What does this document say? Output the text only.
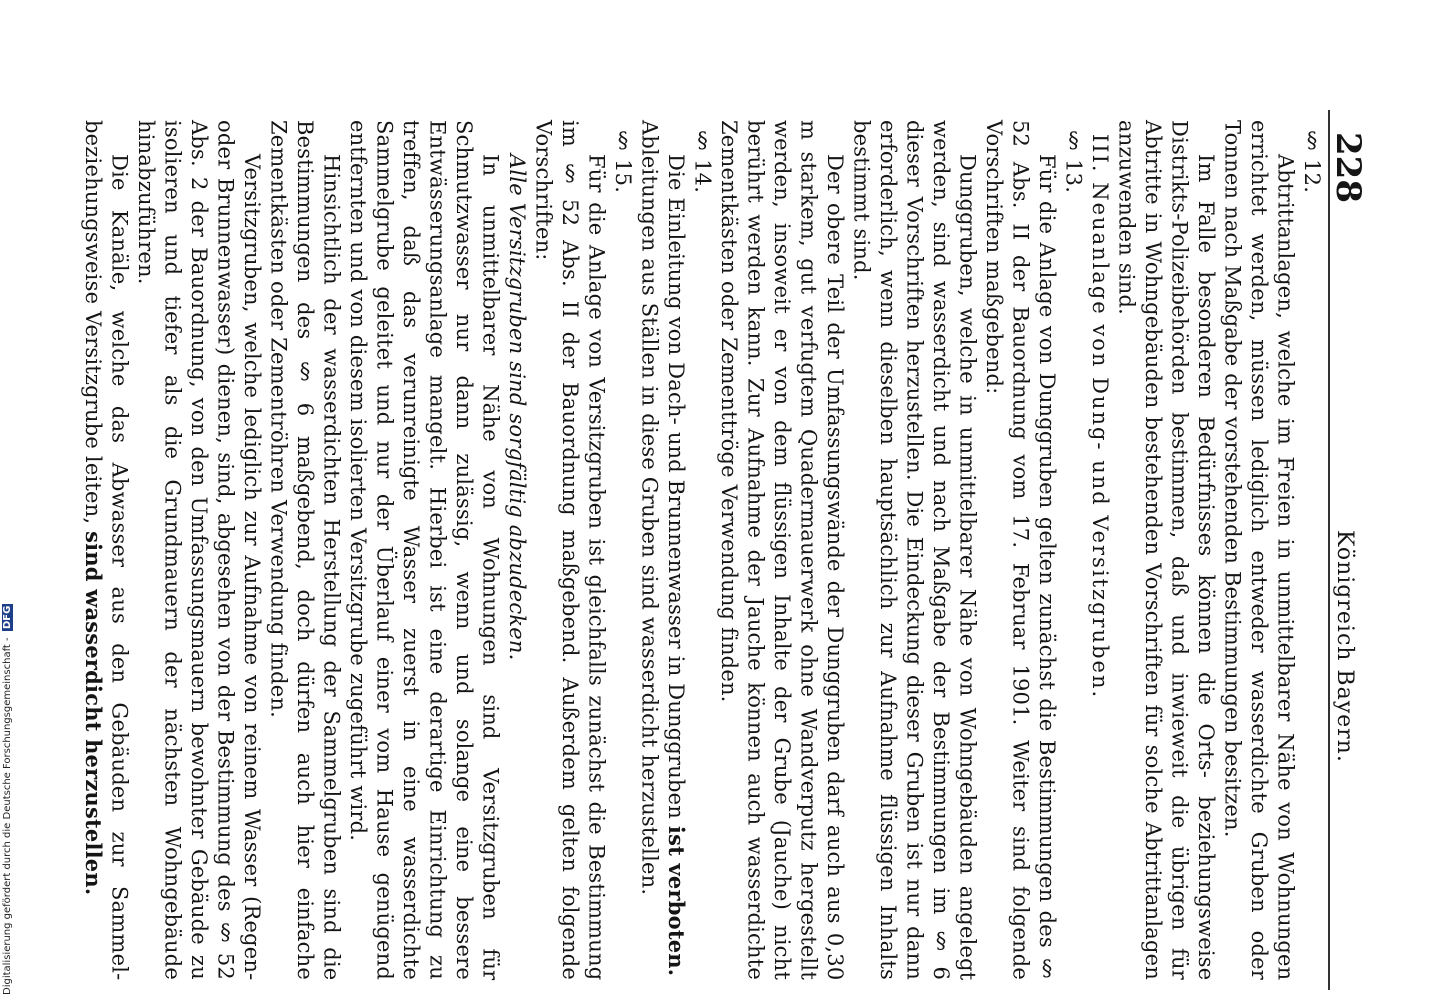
228
Königreich Bayern.

§ 12.

Abtrittanlagen, welche im Freien in unmittelbarer Nähe von Wohnungen errichtet werden, müssen lediglich entweder wasserdichte Gruben oder Tonnen nach Maßgabe der vorstehenden Bestimmungen besitzen.

Im Falle besonderen Bedürfnisses können die Orts- beziehungsweise Distrikts-Polizeibehörden bestimmen, daß und inwieweit die übrigen für Abtritte in Wohngebäuden bestehenden Vorschriften für solche Abtrittanlagen anzuwenden sind.

III. Neuanlage von Dung- und Versitzgruben.

§ 13.

Für die Anlage von Dunggruben gelten zunächst die Bestimmungen des § 52 Abs. II der Bauordnung vom 17. Februar 1901. Weiter sind folgende Vorschriften maßgebend:

Dunggruben, welche in unmittelbarer Nähe von Wohngebäuden angelegt werden, sind wasserdicht und nach Maßgabe der Bestimmungen im § 6 dieser Vorschriften herzustellen. Die Eindeckung dieser Gruben ist nur dann erforderlich, wenn dieselben hauptsächlich zur Aufnahme flüssigen Inhalts bestimmt sind.

Der obere Teil der Umfassungswände der Dunggruben darf auch aus 0,30 m starkem, gut verfugtem Quadermauerwerk ohne Wandverputz hergestellt werden, insoweit er von dem flüssigen Inhalte der Grube (Jauche) nicht berührt werden kann. Zur Aufnahme der Jauche können auch wasserdichte Zementkästen oder Zementtröge Verwendung finden.

§ 14.

Die Einleitung von Dach- und Brunnenwasser in Dunggruben ist verboten.

Ableitungen aus Ställen in diese Gruben sind wasserdicht herzustellen.

§ 15.

Für die Anlage von Versitzgruben ist gleichfalls zunächst die Bestimmung im § 52 Abs. II der Bauordnung maßgebend. Außerdem gelten folgende Vorschriften:

Alle Versitzgruben sind sorgfältig abzudecken.

In unmittelbarer Nähe von Wohnungen sind Versitzgruben für Schmutzwasser nur dann zulässig, wenn und solange eine bessere Entwässerungsanlage mangelt. Hierbei ist eine derartige Einrichtung zu treffen, daß das verunreinigte Wasser zuerst in eine wasserdichte Sammelgrube geleitet und nur der Überlauf einer vom Hause genügend entfernten und von diesem isolierten Versitzgrube zugeführt wird.

Hinsichtlich der wasserdichten Herstellung der Sammelgruben sind die Bestimmungen des § 6 maßgebend, doch dürfen auch hier einfache Zementkästen oder Zementröhren Verwendung finden.

Versitzgruben, welche lediglich zur Aufnahme von reinem Wasser (Regen- oder Brunnenwasser) dienen, sind, abgesehen von der Bestimmung des § 52 Abs. 2 der Bauordnung, von den Umfassungsmauern bewohnter Gebäude zu isolieren und tiefer als die Grundmauern der nächsten Wohngebäude hinabzuführen.

Die Kanäle, welche das Abwasser aus den Gebäuden zur Sammel- beziehungsweise Versitzgrube leiten, sind wasserdicht herzustellen.

Digitalisierung gefördert durch die Deutsche Forschungsgemeinschaft - DFG
